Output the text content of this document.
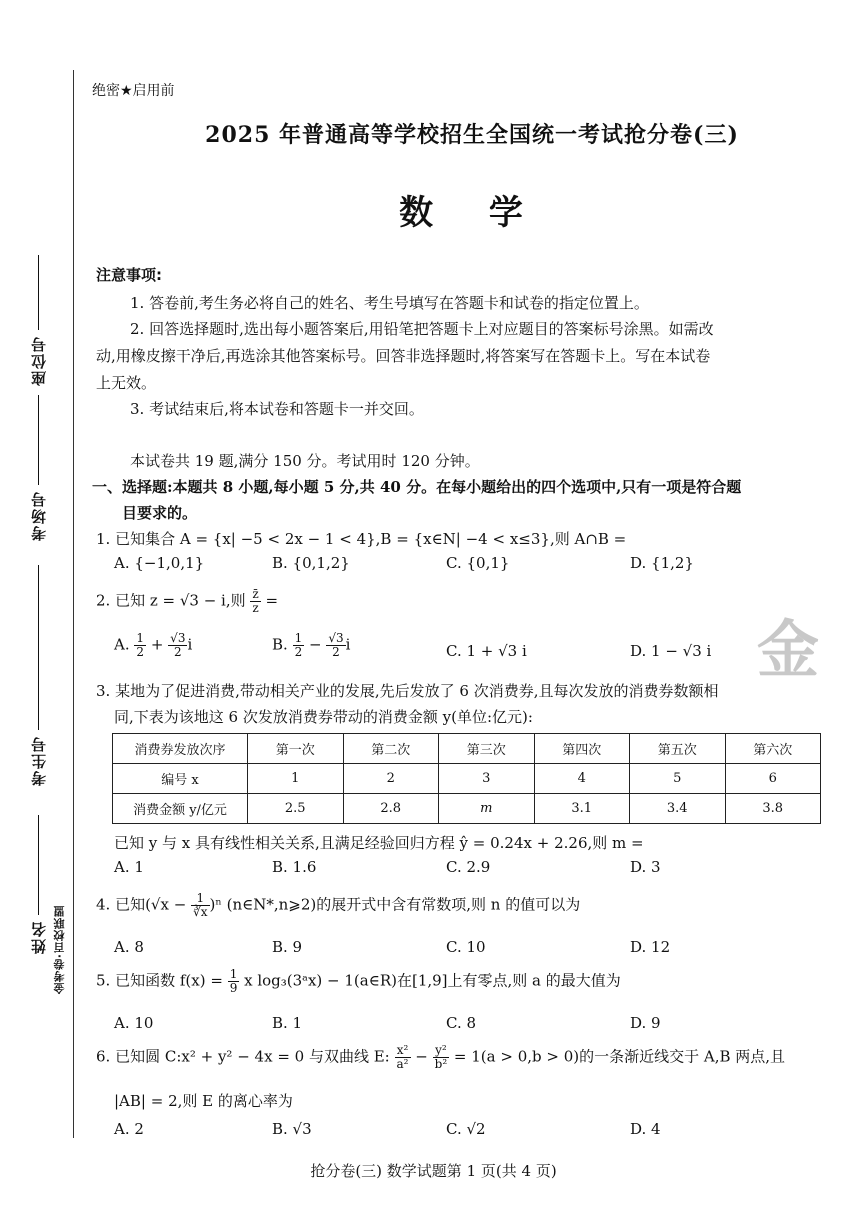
座位号
考场号
考生号
姓名 金考卷·百校联盟
绝密★启用前
2025 年普通高等学校招生全国统一考试抢分卷(三)
数 学
注意事项:
1. 答卷前,考生务必将自己的姓名、考生号填写在答题卡和试卷的指定位置上。
2. 回答选择题时,选出每小题答案后,用铅笔把答题卡上对应题目的答案标号涂黑。如需改
动,用橡皮擦干净后,再选涂其他答案标号。回答非选择题时,将答案写在答题卡上。写在本试卷
上无效。
3. 考试结束后,将本试卷和答题卡一并交回。
本试卷共 19 题,满分 150 分。考试用时 120 分钟。
一、选择题:本题共 8 小题,每小题 5 分,共 40 分。在每小题给出的四个选项中,只有一项是符合题
目要求的。
1. 已知集合 A = {x| −5 < 2x − 1 < 4},B = {x∈N| −4 < x≤3},则 A∩B =
A. {−1,0,1}	B. {0,1,2}	C. {0,1}	D. {1,2}
2. 已知 z = √3 − i,则 $\frac{z̄}{z}$ =
A. $\frac{1}{2} + \frac{√3}{2}$ i	B. $\frac{1}{2} - \frac{√3}{2}$ i	C. 1 + √3 i	D. 1 − √3 i 金
3. 某地为了促进消费,带动相关产业的发展,先后发放了 6 次消费券,且每次发放的消费券数额相
同,下表为该地这 6 次发放消费券带动的消费金额 y(单位:亿元):
消费券发放次序	第一次	第二次	第三次	第四次	第五次	第六次
编号 x	1	2	3	4	5	6
消费金额 y/亿元	2.5	2.8	m	3.1	3.4	3.8
已知 y 与 x 具有线性相关关系,且满足经验回归方程 ŷ = 0.24x + 2.26,则 m =
A. 1	B. 1.6	C. 2.9	D. 3
4. 已知$(√x - \frac{1}{∛x} )^n$ (n∈N*,n⩾2)的展开式中含有常数项,则 n 的值可以为
A. 8	B. 9	C. 10	D. 12
5. 已知函数 $f(x) = \frac{1}{9}$ x log₃(3ᵃx) − 1(a∈R)在[1,9]上有零点,则 a 的最大值为
A. 10	B. 1	C. 8	D. 9
6. 已知圆 C:x² + y² − 4x = 0 与双曲线 E: $\frac{\text{x²}}{\text{a²}} - \frac{\text{y²}}{\text{b²}} = 1(a > 0,b > 0)$的一条渐近线交于 A,B 两点,且
|AB| = 2,则 E 的离心率为
A. 2	B. √3	C. √2	D. 4
抢分卷(三) 数学试题第 1 页(共 4 页)
